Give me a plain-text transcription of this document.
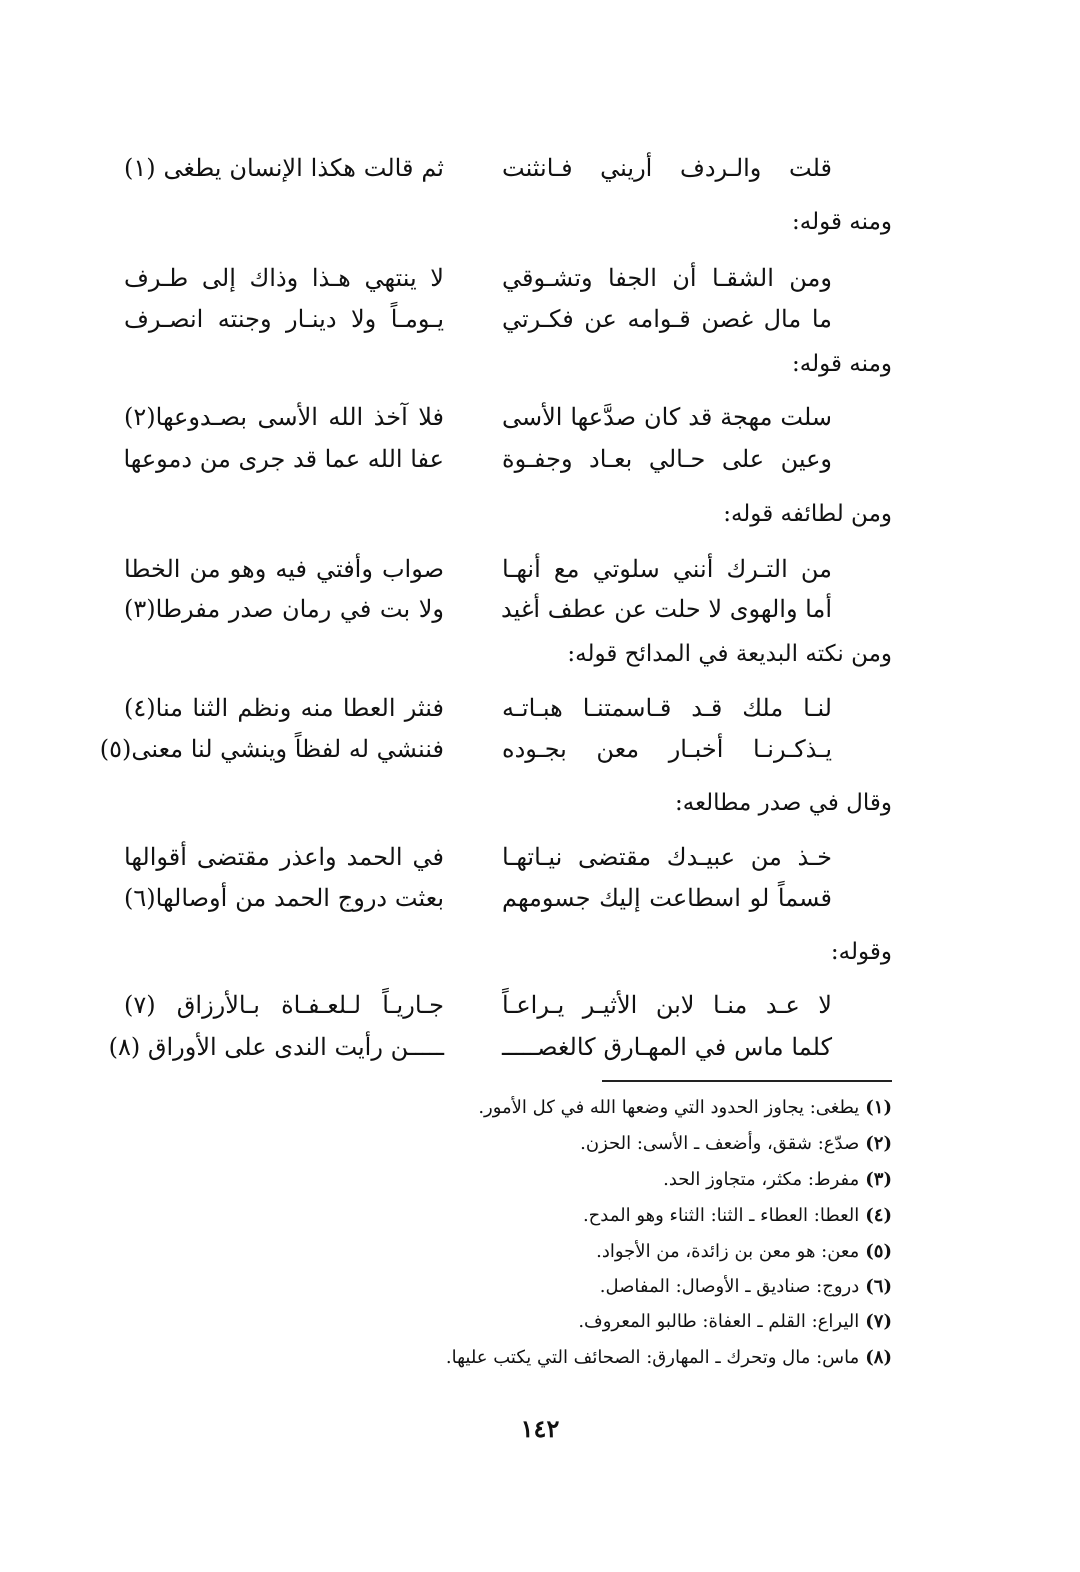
قلت والـردف أريني فـانثنت
ثم قالت هكذا الإنسان يطغى (١)
ومنه قوله:
ومن الشقـا أن الجفا وتشـوقي
لا ينتهي هـذا وذاك إلى طـرف
ما مال غصن قـوامه عن فكـرتي
يـومـاً ولا دينـار وجنته انصـرف
ومنه قوله:
سلت مهجة قد كان صدَّعها الأسى
فلا آخذ الله الأسى بصـدوعها(٢)
وعين على حـالي بعـاد وجفـوة
عفا الله عما قد جرى من دموعها
ومن لطائفه قوله:
من التـرك أنني سلوتي مع أنهـا
صواب وأفتي فيه وهو من الخطا
أما والهوى لا حلت عن عطف أغيد
ولا بت في رمان صدر مفرطا(٣)
ومن نكته البديعة في المدائح قوله:
لنـا ملك قـد قـاسمتنـا هبـاتـه
فنثر العطا منه ونظم الثنا منا(٤)
يـذكـرنـا أخبـار معن بجـوده
فننشي له لفظاً وينشي لنا معنى(٥)
وقال في صدر مطالعه:
خـذ من عبيـدك مقتضى نيـاتهـا
في الحمد واعذر مقتضى أقوالها
قسماً لو اسطاعت إليك جسومهم
بعثت دروج الحمد من أوصالها(٦)
وقوله:
لا عـد منـا لابن الأثيـر يـراعـاً
جـاريـاً لـلعـفـاة بـالأرزاق (٧)
كلما ماس في المهـارق كالغصـــــ
ـــــن رأيت الندى على الأوراق (٨)
(١)يطغى: يجاوز الحدود التي وضعها الله في كل الأمور.
(٢)صدّع: شقق، وأضعف ـ الأسى: الحزن.
(٣)مفرط: مكثر، متجاوز الحد.
(٤)العطا: العطاء ـ الثنا: الثناء وهو المدح.
(٥)معن: هو معن بن زائدة، من الأجواد.
(٦)دروج: صناديق ـ الأوصال: المفاصل.
(٧)اليراع: القلم ـ العفاة: طالبو المعروف.
(٨)ماس: مال وتحرك ـ المهارق: الصحائف التي يكتب عليها.
١٤٢
